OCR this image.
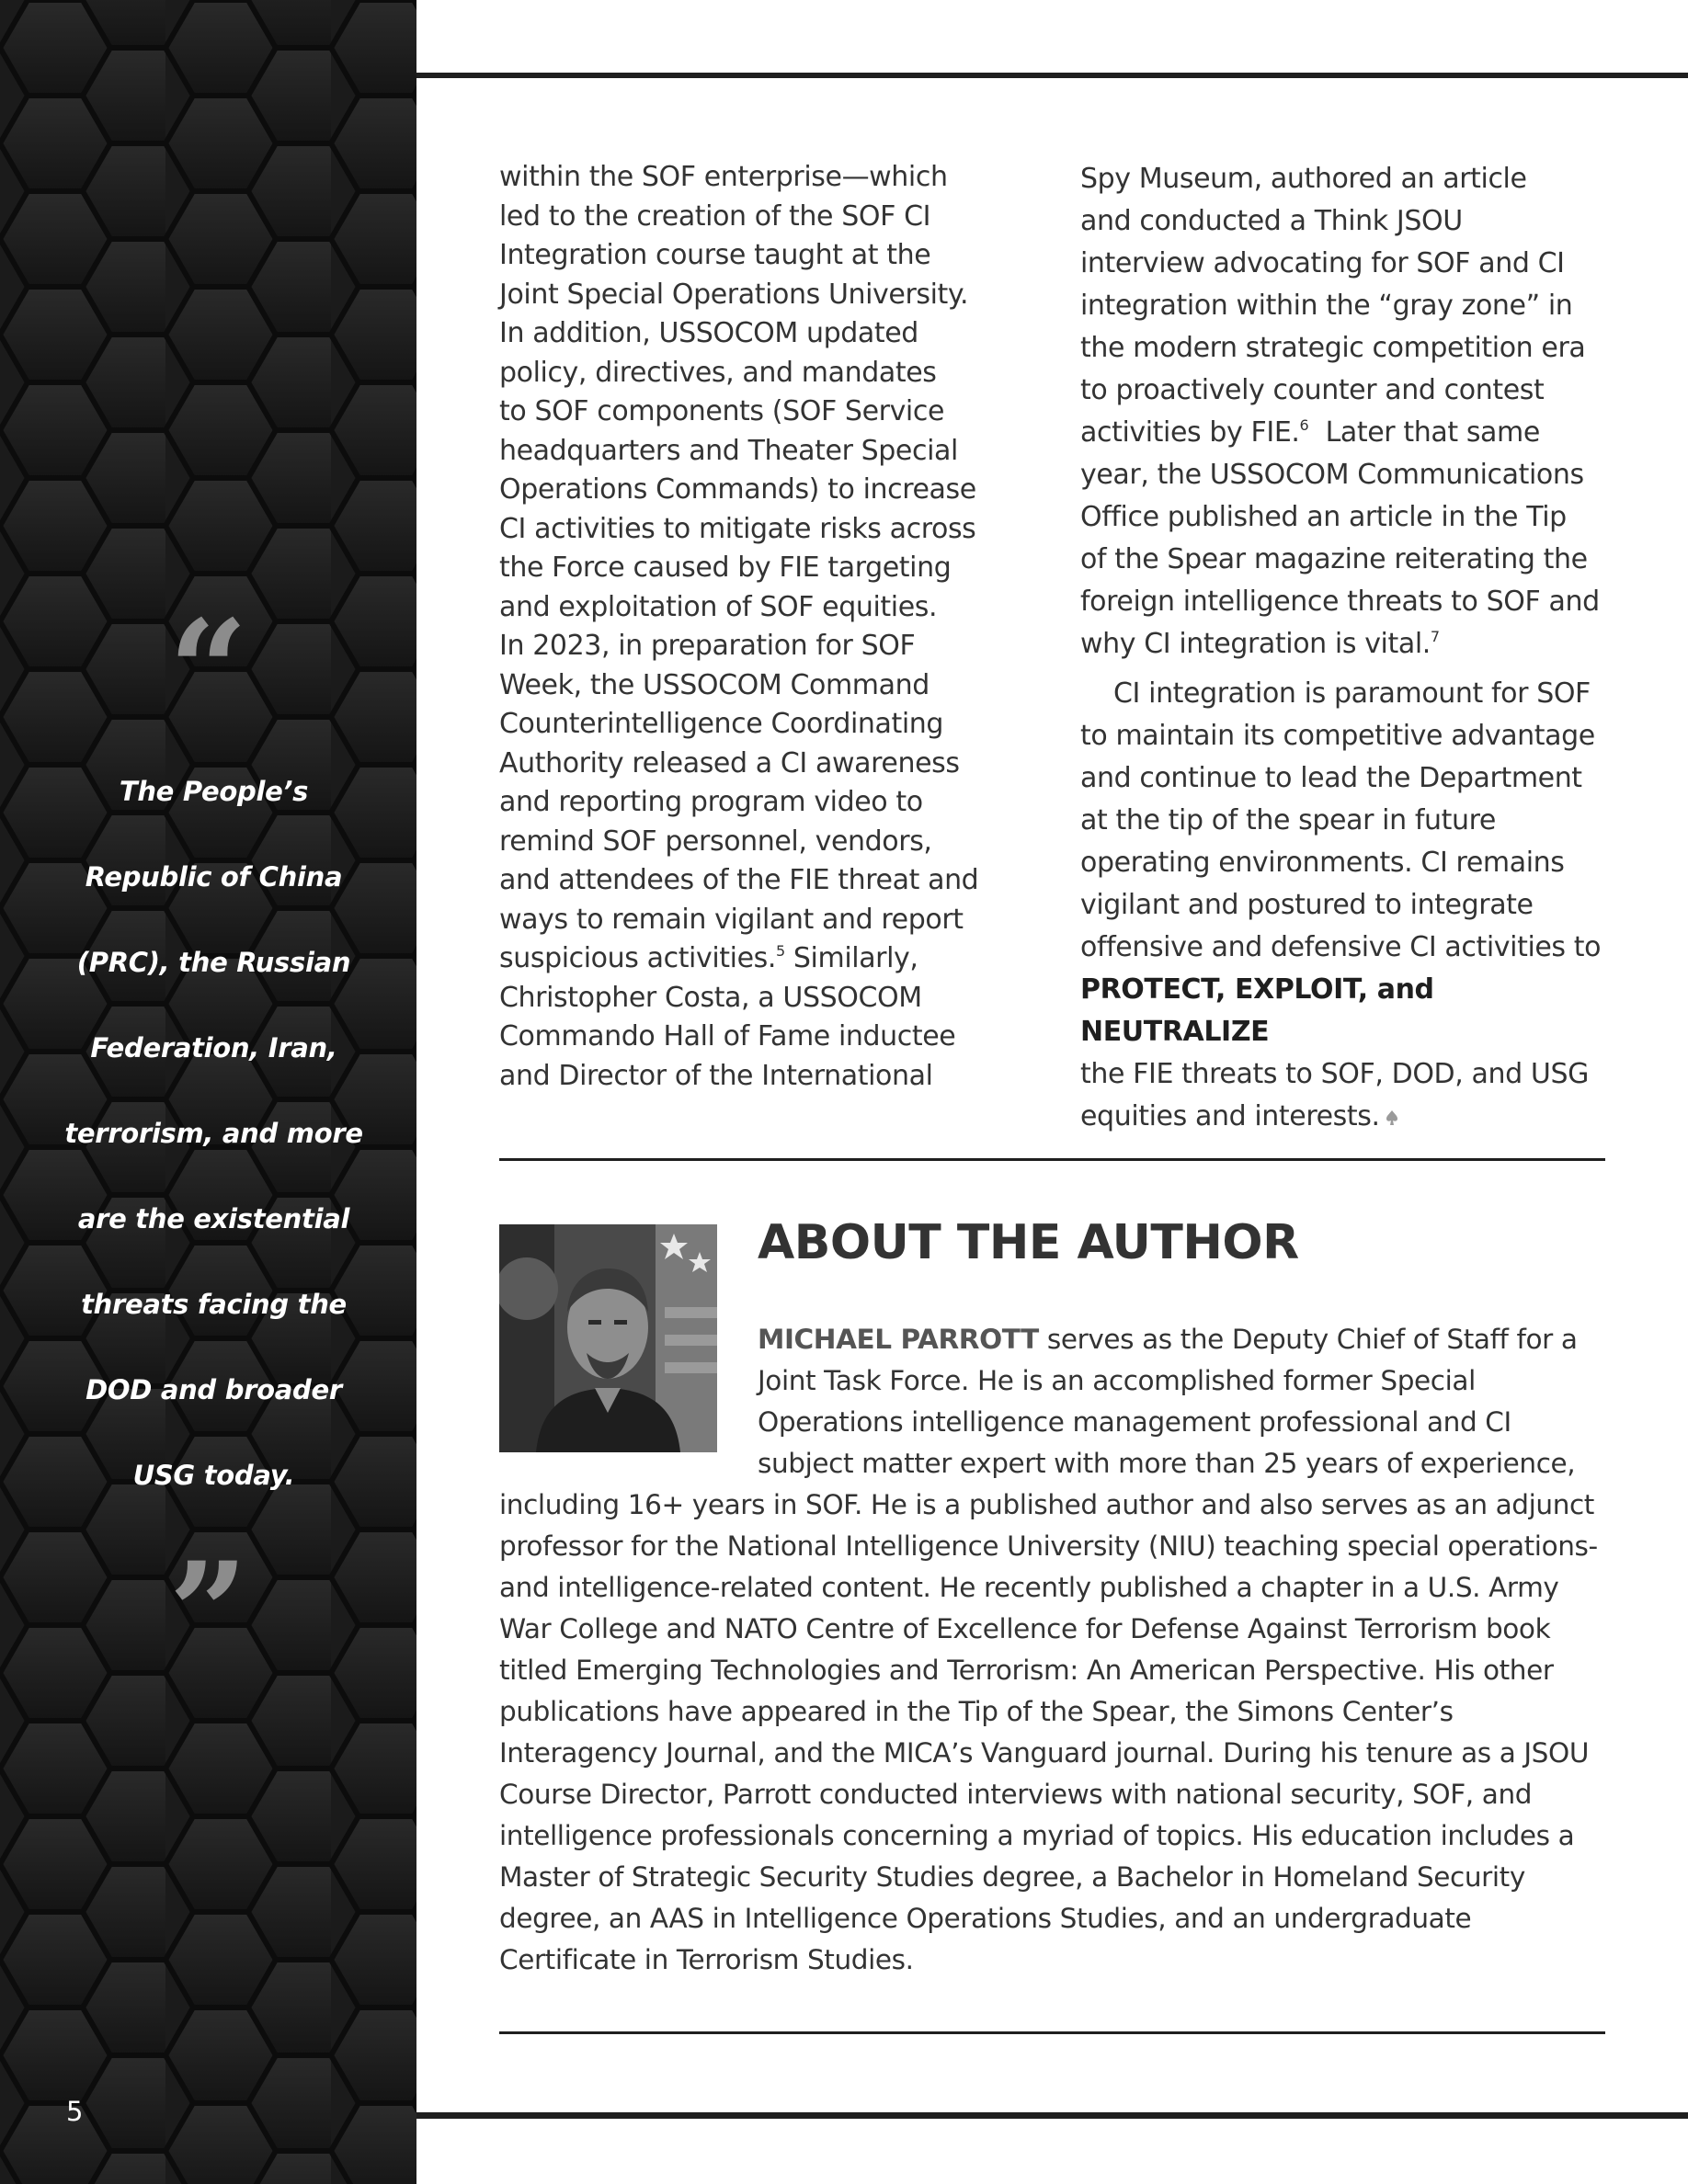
“
The People’s
Republic of China
(PRC), the Russian
Federation, Iran,
terrorism, and more
are the existential
threats facing the
DOD and broader
USG today.
”
5
within the SOF enterprise—which
led to the creation of the SOF CI
Integration course taught at the
Joint Special Operations University.
In addition, USSOCOM updated
policy, directives, and mandates
to SOF components (SOF Service
headquarters and Theater Special
Operations Commands) to increase
CI activities to mitigate risks across
the Force caused by FIE targeting
and exploitation of SOF equities.
In 2023, in preparation for SOF
Week, the USSOCOM Command
Counterintelligence Coordinating
Authority released a CI awareness
and reporting program video to
remind SOF personnel, vendors,
and attendees of the FIE threat and
ways to remain vigilant and report
suspicious activities.$^5$ Similarly,
Christopher Costa, a USSOCOM
Commando Hall of Fame inductee
and Director of the International

Spy Museum, authored an article
and conducted a Think JSOU
interview advocating for SOF and CI
integration within the “gray zone” in
the modern strategic competition era
to proactively counter and contest
activities by FIE.$^6$  Later that same
year, the USSOCOM Communications
Office published an article in the Tip
of the Spear magazine reiterating the
foreign intelligence threats to SOF and
why CI integration is vital.$^7$

CI integration is paramount for SOF
to maintain its competitive advantage
and continue to lead the Department
at the tip of the spear in future
operating environments. CI remains
vigilant and postured to integrate
offensive and defensive CI activities to
PROTECT, EXPLOIT, and NEUTRALIZE
the FIE threats to SOF, DOD, and USG
equities and interests.

ABOUT THE AUTHOR

MICHAEL PARROTT serves as the Deputy Chief of Staff for a Joint Task Force. He is an accomplished former Special Operations intelligence management professional and CI subject matter expert with more than 25 years of experience, including 16+ years in SOF. He is a published author and also serves as an adjunct professor for the National Intelligence University (NIU) teaching special operations- and intelligence-related content. He recently published a chapter in a U.S. Army War College and NATO Centre of Excellence for Defense Against Terrorism book titled Emerging Technologies and Terrorism: An American Perspective. His other publications have appeared in the Tip of the Spear, the Simons Center’s Interagency Journal, and the MICA’s Vanguard journal. During his tenure as a JSOU Course Director, Parrott conducted interviews with national security, SOF, and intelligence professionals concerning a myriad of topics. His education includes a Master of Strategic Security Studies degree, a Bachelor in Homeland Security degree, an AAS in Intelligence Operations Studies, and an undergraduate Certificate in Terrorism Studies.
